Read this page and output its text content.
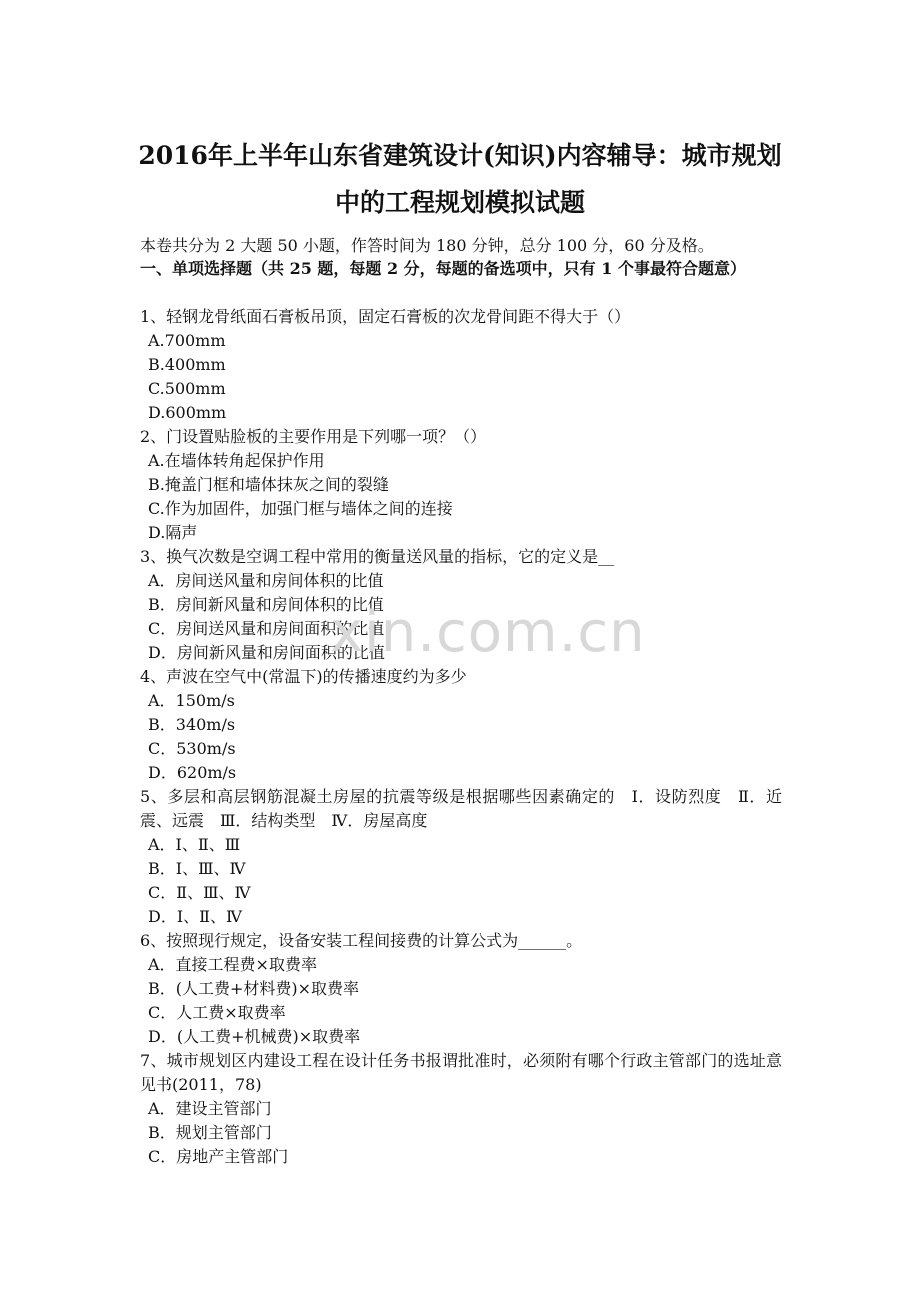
2016年上半年山东省建筑设计(知识)内容辅导：城市规划
中的工程规划模拟试题

本卷共分为 2 大题 50 小题，作答时间为 180 分钟，总分 100 分，60 分及格。

一、单项选择题（共 25 题，每题 2 分，每题的备选项中，只有 1 个事最符合题意）

1、轻钢龙骨纸面石膏板吊顶，固定石膏板的次龙骨间距不得大于（）

A.700mm

B.400mm

C.500mm

D.600mm

2、门设置贴脸板的主要作用是下列哪一项？（）

A.在墙体转角起保护作用

B.掩盖门框和墙体抹灰之间的裂缝

C.作为加固件，加强门框与墙体之间的连接

D.隔声

3、换气次数是空调工程中常用的衡量送风量的指标，它的定义是__

A．房间送风量和房间体积的比值

B．房间新风量和房间体积的比值

C．房间送风量和房间面积的比值

D．房间新风量和房间面积的比值

4、声波在空气中(常温下)的传播速度约为多少

A．150m/s

B．340m/s

C．530m/s

D．620m/s

5、多层和高层钢筋混凝土房屋的抗震等级是根据哪些因素确定的　Ⅰ．设防烈度　Ⅱ．近震、远震　Ⅲ．结构类型　Ⅳ．房屋高度

A．Ⅰ、Ⅱ、Ⅲ

B．Ⅰ、Ⅲ、Ⅳ

C．Ⅱ、Ⅲ、Ⅳ

D．Ⅰ、Ⅱ、Ⅳ

6、按照现行规定，设备安装工程间接费的计算公式为______。

A．直接工程费×取费率

B．(人工费+材料费)×取费率

C．人工费×取费率

D．(人工费+机械费)×取费率

7、城市规划区内建设工程在设计任务书报谓批准时，必须附有哪个行政主管部门的选址意见书(2011，78)

A．建设主管部门

B．规划主管部门

C．房地产主管部门

xin.com.cn
